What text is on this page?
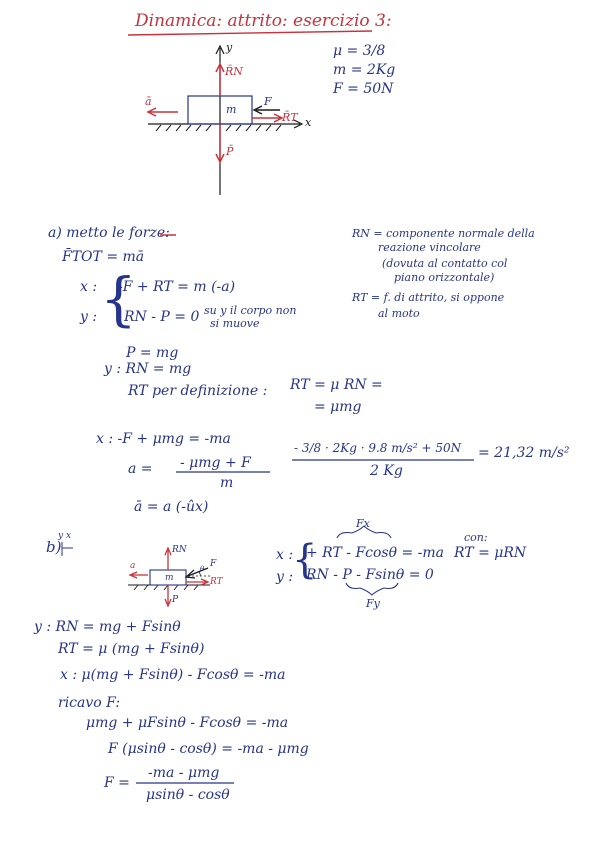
Dinamica: attrito: esercizio 3:
μ = 3/8
m = 2Kg
F = 50N
y
x
R̄N
P̄
ā	F
R̄T
m
a) metto le forze:
F̄TOT = mā
x : {
-F + RT = m (-a)
y : RN - P = 0 su y il corpo non
si muove
P = mg
y : RN = mg
RT per definizione : RT = μ RN =
= μmg
x : -F + μmg = -ma
a = - μmg + F
m
- 3/8 · 2Kg · 9.8 m/s² + 50N
2 Kg
= 21,32 m/s²
ā = a (-ûx)
RN = componente normale della
reazione vincolare
(dovuta al contatto col
piano orizzontale)
RT = f. di attrito, si oppone
al moto
b)
y x
RN
a
m
F
θ
RT
P
x :
{
+ RT - Fcosθ = -ma
y : RN - P - Fsinθ = 0
Fx
Fy
con:
RT = μRN
y : RN = mg + Fsinθ
RT = μ (mg + Fsinθ)
x : μ(mg + Fsinθ) - Fcosθ = -ma
ricavo F:
μmg + μFsinθ - Fcosθ = -ma
F (μsinθ - cosθ) = -ma - μmg
F =
-ma - μmg
μsinθ - cosθ
